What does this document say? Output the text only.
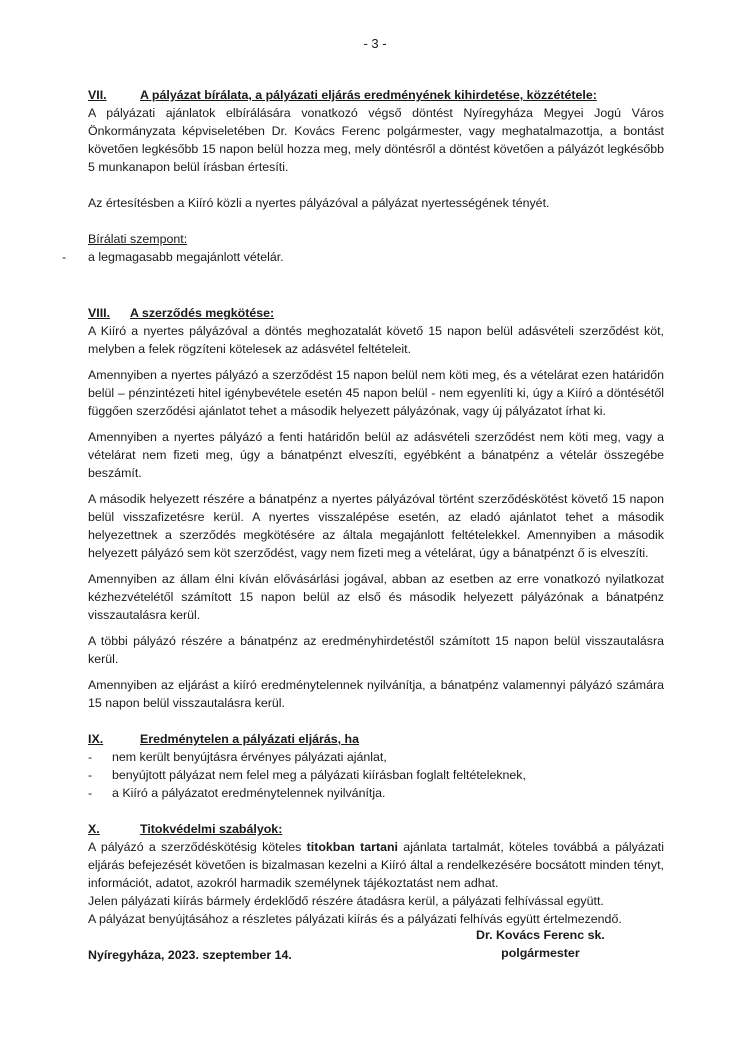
- 3 -
VII.	A pályázat bírálata, a pályázati eljárás eredményének kihirdetése, közzététele:

A pályázati ajánlatok elbírálására vonatkozó végső döntést Nyíregyháza Megyei Jogú Város Önkormányzata képviseletében Dr. Kovács Ferenc polgármester, vagy meghatalmazottja, a bontást követően legkésőbb 15 napon belül hozza meg, mely döntésről a döntést követően a pályázót legkésőbb 5 munkanapon belül írásban értesíti.

Az értesítésben a Kiíró közli a nyertes pályázóval a pályázat nyertességének tényét.

Bírálati szempont:

- a legmagasabb megajánlott vételár.
VIII.	A szerződés megkötése:

A Kiíró a nyertes pályázóval a döntés meghozatalát követő 15 napon belül adásvételi szerződést köt, melyben a felek rögzíteni kötelesek az adásvétel feltételeit.

Amennyiben a nyertes pályázó a szerződést 15 napon belül nem köti meg, és a vételárat ezen határidőn belül – pénzintézeti hitel igénybevétele esetén 45 napon belül - nem egyenlíti ki, úgy a Kiíró a döntésétől függően szerződési ajánlatot tehet a második helyezett pályázónak, vagy új pályázatot írhat ki.

Amennyiben a nyertes pályázó a fenti határidőn belül az adásvételi szerződést nem köti meg, vagy a vételárat nem fizeti meg, úgy a bánatpénzt elveszíti, egyébként a bánatpénz a vételár összegébe beszámít.

A második helyezett részére a bánatpénz a nyertes pályázóval történt szerződéskötést követő 15 napon belül visszafizetésre kerül. A nyertes visszalépése esetén, az eladó ajánlatot tehet a második helyezettnek a szerződés megkötésére az általa megajánlott feltételekkel. Amennyiben a második helyezett pályázó sem köt szerződést, vagy nem fizeti meg a vételárat, úgy a bánatpénzt ő is elveszíti.

Amennyiben az állam élni kíván elővásárlási jogával, abban az esetben az erre vonatkozó nyilatkozat kézhezvételétől számított 15 napon belül az első és második helyezett pályázónak a bánatpénz visszautalásra kerül.

A többi pályázó részére a bánatpénz az eredményhirdetéstől számított 15 napon belül visszautalásra kerül.

Amennyiben az eljárást a kiíró eredménytelennek nyilvánítja, a bánatpénz valamennyi pályázó számára 15 napon belül visszautalásra kerül.

IX.	Eredménytelen a pályázati eljárás, ha
- nem került benyújtásra érvényes pályázati ajánlat,
- benyújtott pályázat nem felel meg a pályázati kiírásban foglalt feltételeknek,
- a Kiíró a pályázatot eredménytelennek nyilvánítja.
X.	Titokvédelmi szabályok:

A pályázó a szerződéskötésig köteles titokban tartani ajánlata tartalmát, köteles továbbá a pályázati eljárás befejezését követően is bizalmasan kezelni a Kiíró által a rendelkezésére bocsátott minden tényt, információt, adatot, azokról harmadik személynek tájékoztatást nem adhat.

Jelen pályázati kiírás bármely érdeklődő részére átadásra kerül, a pályázati felhívással együtt.

A pályázat benyújtásához a részletes pályázati kiírás és a pályázati felhívás együtt értelmezendő.

Nyíregyháza, 2023. szeptember 14.

Dr. Kovács Ferenc sk.
polgármester
